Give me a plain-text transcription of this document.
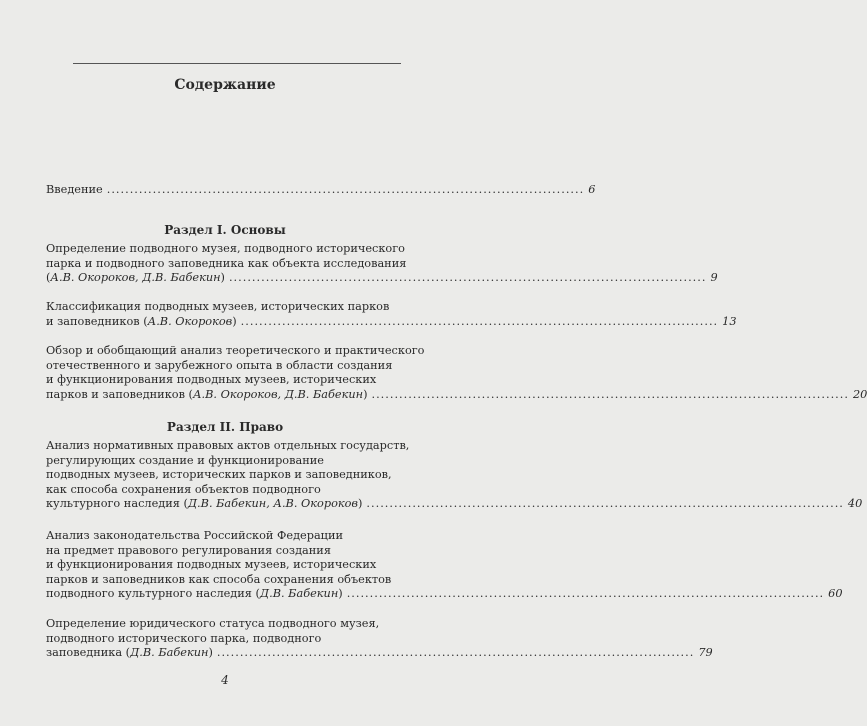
Содержание
Введение ........................................................................................................ 6
Раздел I. Основы
Определение подводного музея, подводного исторического
парка и подводного заповедника как объекта исследования
(А.В. Окороков, Д.В. Бабекин) ........................................................................................................ 9
Классификация подводных музеев, исторических парков
и заповедников (А.В. Окороков) ........................................................................................................ 13
Обзор и обобщающий анализ теоретического и практического
отечественного и зарубежного опыта в области создания
и функционирования подводных музеев, исторических
парков и заповедников (А.В. Окороков, Д.В. Бабекин) ........................................................................................................ 20
Раздел II. Право
Анализ нормативных правовых актов отдельных государств,
регулирующих создание и функционирование
подводных музеев, исторических парков и заповедников,
как способа сохранения объектов подводного
культурного наследия (Д.В. Бабекин, А.В. Окороков) ........................................................................................................ 40
Анализ законодательства Российской Федерации
на предмет правового регулирования создания
и функционирования подводных музеев, исторических
парков и заповедников как способа сохранения объектов
подводного культурного наследия (Д.В. Бабекин) ........................................................................................................ 60
Определение юридического статуса подводного музея,
подводного исторического парка, подводного
заповедника (Д.В. Бабекин) ........................................................................................................ 79
4
